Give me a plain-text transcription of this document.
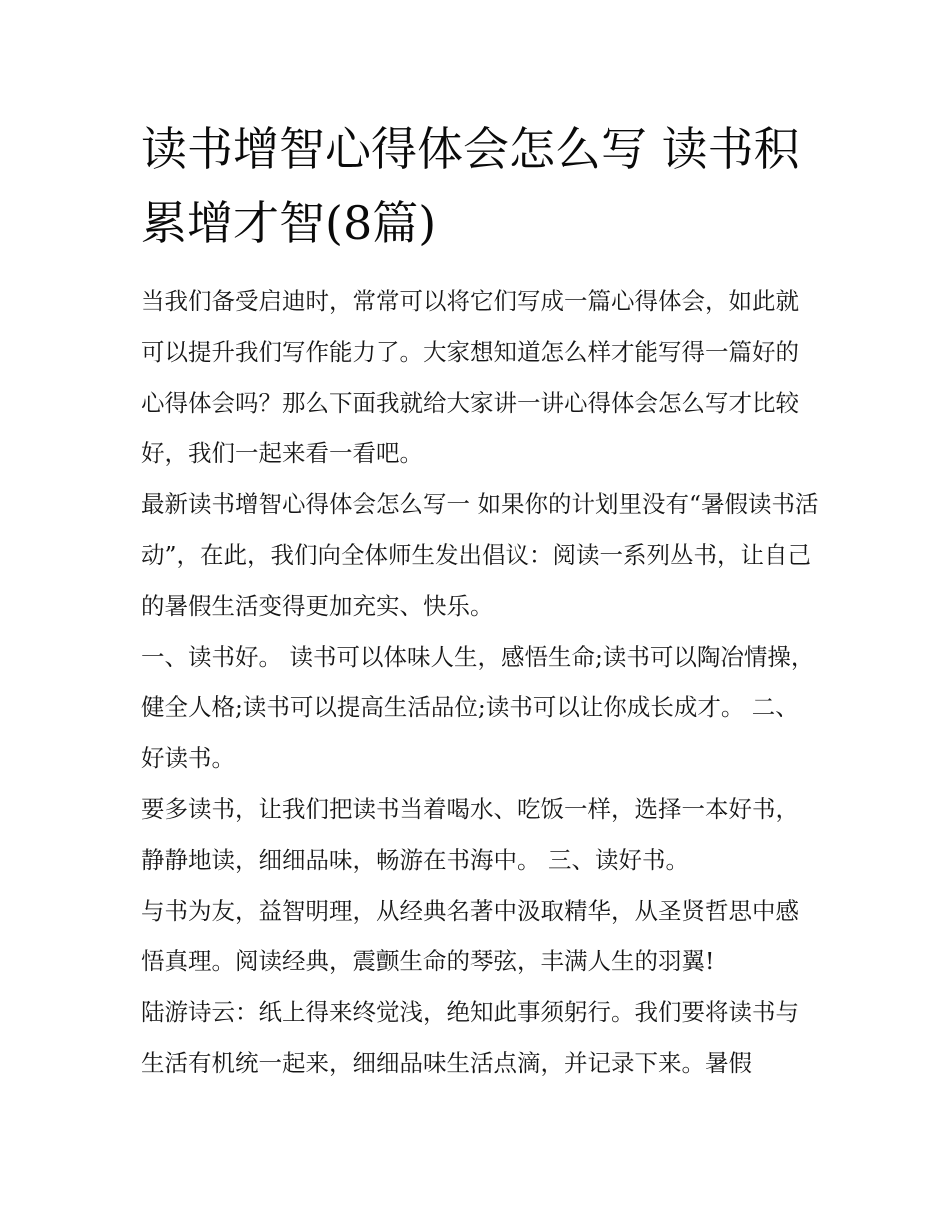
读书增智心得体会怎么写 读书积累增才智(8篇)

当我们备受启迪时，常常可以将它们写成一篇心得体会，如此就可以提升我们写作能力了。大家想知道怎么样才能写得一篇好的心得体会吗？那么下面我就给大家讲一讲心得体会怎么写才比较好，我们一起来看一看吧。

最新读书增智心得体会怎么写一 如果你的计划里没有“暑假读书活动”，在此，我们向全体师生发出倡议：阅读一系列丛书，让自己的暑假生活变得更加充实、快乐。

一、读书好。 读书可以体味人生，感悟生命;读书可以陶冶情操，健全人格;读书可以提高生活品位;读书可以让你成长成才。 二、好读书。

要多读书，让我们把读书当着喝水、吃饭一样，选择一本好书，静静地读，细细品味，畅游在书海中。 三、读好书。

与书为友，益智明理，从经典名著中汲取精华，从圣贤哲思中感悟真理。阅读经典，震颤生命的琴弦，丰满人生的羽翼!

陆游诗云：纸上得来终觉浅，绝知此事须躬行。我们要将读书与生活有机统一起来，细细品味生活点滴，并记录下来。暑假
